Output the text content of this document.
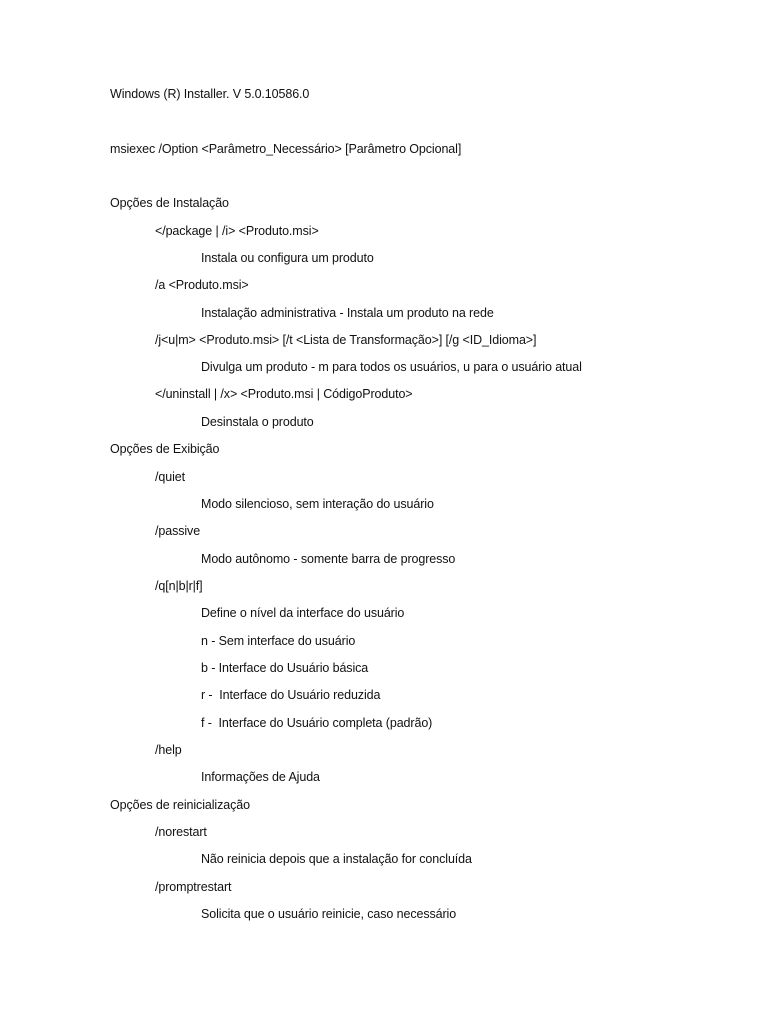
Windows (R) Installer. V 5.0.10586.0
msiexec /Option <Parâmetro_Necessário> [Parâmetro Opcional]
Opções de Instalação
</package | /i> <Produto.msi>
Instala ou configura um produto
/a <Produto.msi>
Instalação administrativa - Instala um produto na rede
/j<u|m> <Produto.msi> [/t <Lista de Transformação>] [/g <ID_Idioma>]
Divulga um produto - m para todos os usuários, u para o usuário atual
</uninstall | /x> <Produto.msi | CódigoProduto>
Desinstala o produto
Opções de Exibição
/quiet
Modo silencioso, sem interação do usuário
/passive
Modo autônomo - somente barra de progresso
/q[n|b|r|f]
Define o nível da interface do usuário
n - Sem interface do usuário
b - Interface do Usuário básica
r -  Interface do Usuário reduzida
f -  Interface do Usuário completa (padrão)
/help
Informações de Ajuda
Opções de reinicialização
/norestart
Não reinicia depois que a instalação for concluída
/promptrestart
Solicita que o usuário reinicie, caso necessário
